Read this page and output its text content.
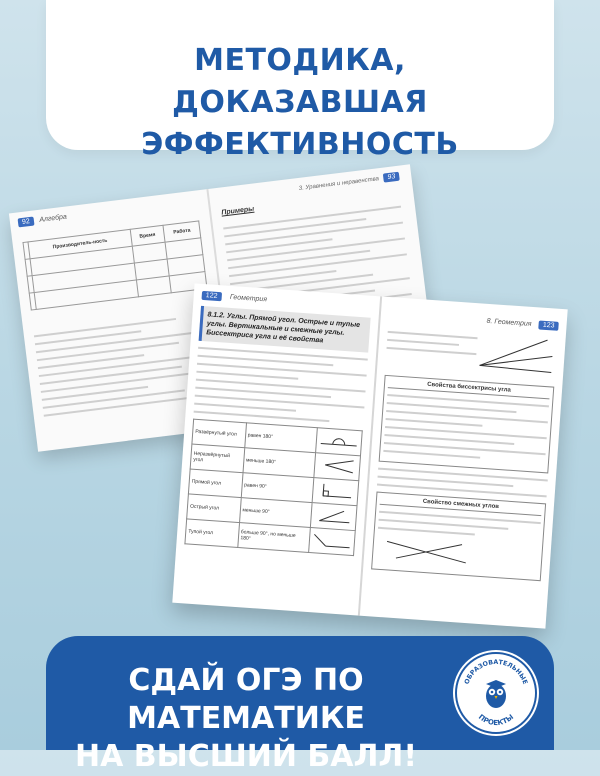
МЕТОДИКА,
ДОКАЗАВШАЯ ЭФФЕКТИВНОСТЬ
92 Алгебра
	Производитель-ность	Время	Работа

3. Уравнения и неравенства 93
Примеры
122 Геометрия
8.1.2. Углы. Прямой угол. Острые и тупые углы. Вертикальные и смежные углы. Биссектриса угла и её свойства
Развёрнутый угол	равен 180°	
Неразвёрнутый угол	меньше 180°	
Прямой угол	равен 90°	
Острый угол	меньше 90°	
Тупой угол	больше 90°, но меньше 180°	
8. Геометрия 123
Свойства биссектрисы угла
Свойство смежных углов
СДАЙ ОГЭ ПО МАТЕМАТИКЕ
НА ВЫСШИЙ БАЛЛ!
ОБРАЗОВАТЕЛЬНЫЕ
ПРОЕКТЫ
